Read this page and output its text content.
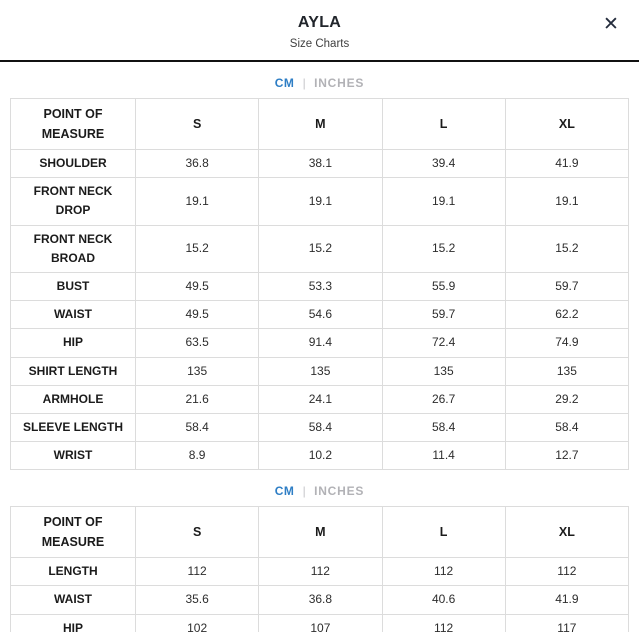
AYLA
Size Charts
✕
CM | INCHES
POINT OF MEASURE	S	M	L	XL
SHOULDER	36.8	38.1	39.4	41.9
FRONT NECK DROP	19.1	19.1	19.1	19.1
FRONT NECK BROAD	15.2	15.2	15.2	15.2
BUST	49.5	53.3	55.9	59.7
WAIST	49.5	54.6	59.7	62.2
HIP	63.5	91.4	72.4	74.9
SHIRT LENGTH	135	135	135	135
ARMHOLE	21.6	24.1	26.7	29.2
SLEEVE LENGTH	58.4	58.4	58.4	58.4
WRIST	8.9	10.2	11.4	12.7
CM | INCHES
POINT OF MEASURE	S	M	L	XL
LENGTH	112	112	112	112
WAIST	35.6	36.8	40.6	41.9
HIP	102	107	112	117
